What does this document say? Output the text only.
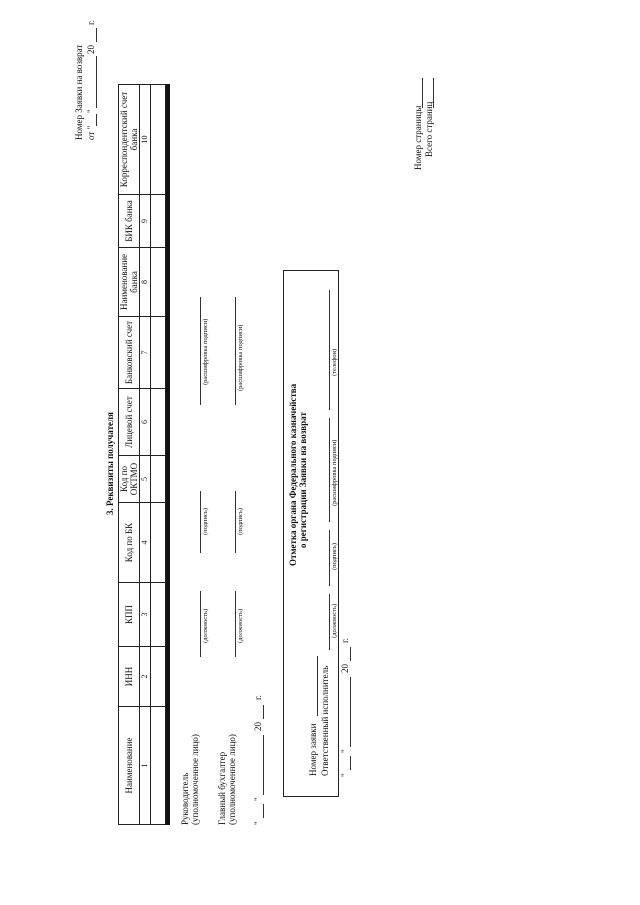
Номер Заявки на возврат от "
"
20
г.
3. Реквизиты получателя
Наименование	ИНН	КПП	Код по БК	Код по ОКТМО	Лицевой счет	Банковский счет	Наименование банка	БИК банка	Корреспондентский счет банка
1	2	3	4	5	6	7	8	9	10

Руководитель (уполномоченное лицо)
(должность)
(подпись)
(расшифровка подписи)
Главный бухгалтер (уполномоченное лицо)
(должность)
(подпись)
(расшифровка подписи)
"
"
20
г.
Отметка органа Федерального казначейства о регистрации Заявки на возврат
Номер заявки Ответственный исполнитель
(должность)
(подпись)
(расшифровка подписи)
(телефон)
"
"
20
г.
Номер страницы Всего страниц
